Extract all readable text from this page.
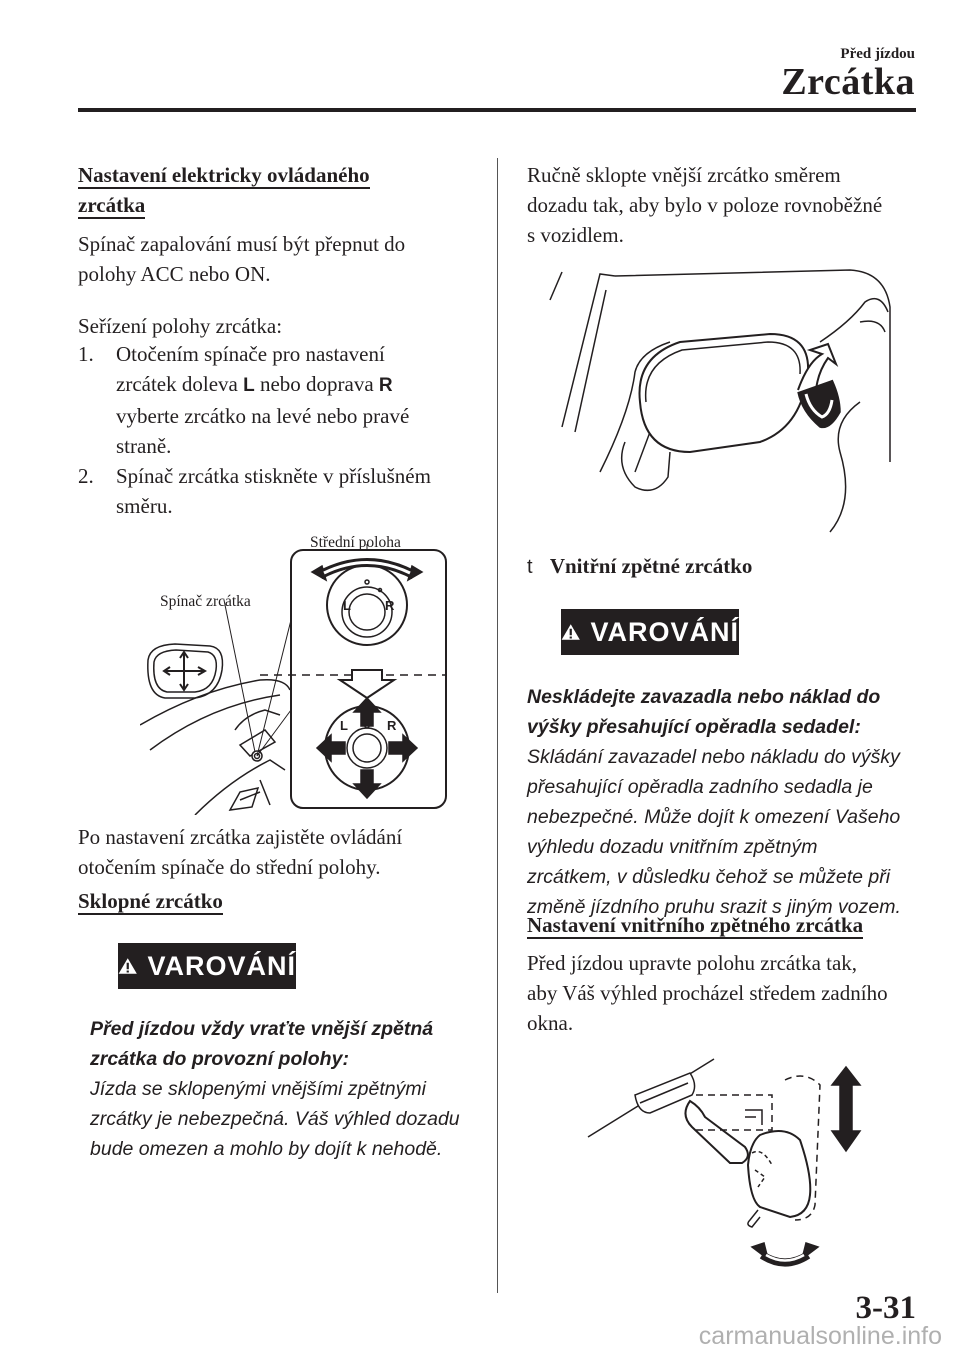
Před jízdou
Zrcátka
Nastavení elektricky ovládaného
zrcátka
Spínač zapalování musí být přepnut do
polohy ACC nebo ON.
Seřízení polohy zrcátka:
1. Otočením spínače pro nastavení
zrcátek doleva L nebo doprava R
vyberte zrcátko na levé nebo pravé
straně.
2. Spínač zrcátka stiskněte v příslušném
směru.
L	R
L	R
Střední poloha
Spínač zrcátka
Po nastavení zrcátka zajistěte ovládání
otočením spínače do střední polohy.
Sklopné zrcátko
VAROVÁNÍ
Před jízdou vždy vraťte vnější zpětná
zrcátka do provozní polohy:
Jízda se sklopenými vnějšími zpětnými
zrcátky je nebezpečná. Váš výhled dozadu
bude omezen a mohlo by dojít k nehodě.
Ručně sklopte vnější zrcátko směrem
dozadu tak, aby bylo v poloze rovnoběžné
s vozidlem.
t Vnitřní zpětné zrcátko
VAROVÁNÍ
Neskládejte zavazadla nebo náklad do
výšky přesahující opěradla sedadel:
Skládání zavazadel nebo nákladu do výšky
přesahující opěradla zadního sedadla je
nebezpečné. Může dojít k omezení Vašeho
výhledu dozadu vnitřním zpětným
zrcátkem, v důsledku čehož se můžete při
změně jízdního pruhu srazit s jiným vozem.
Nastavení vnitřního zpětného zrcátka
Před jízdou upravte polohu zrcátka tak,
aby Váš výhled procházel středem zadního
okna.
3-31
carmanualsonline.info
